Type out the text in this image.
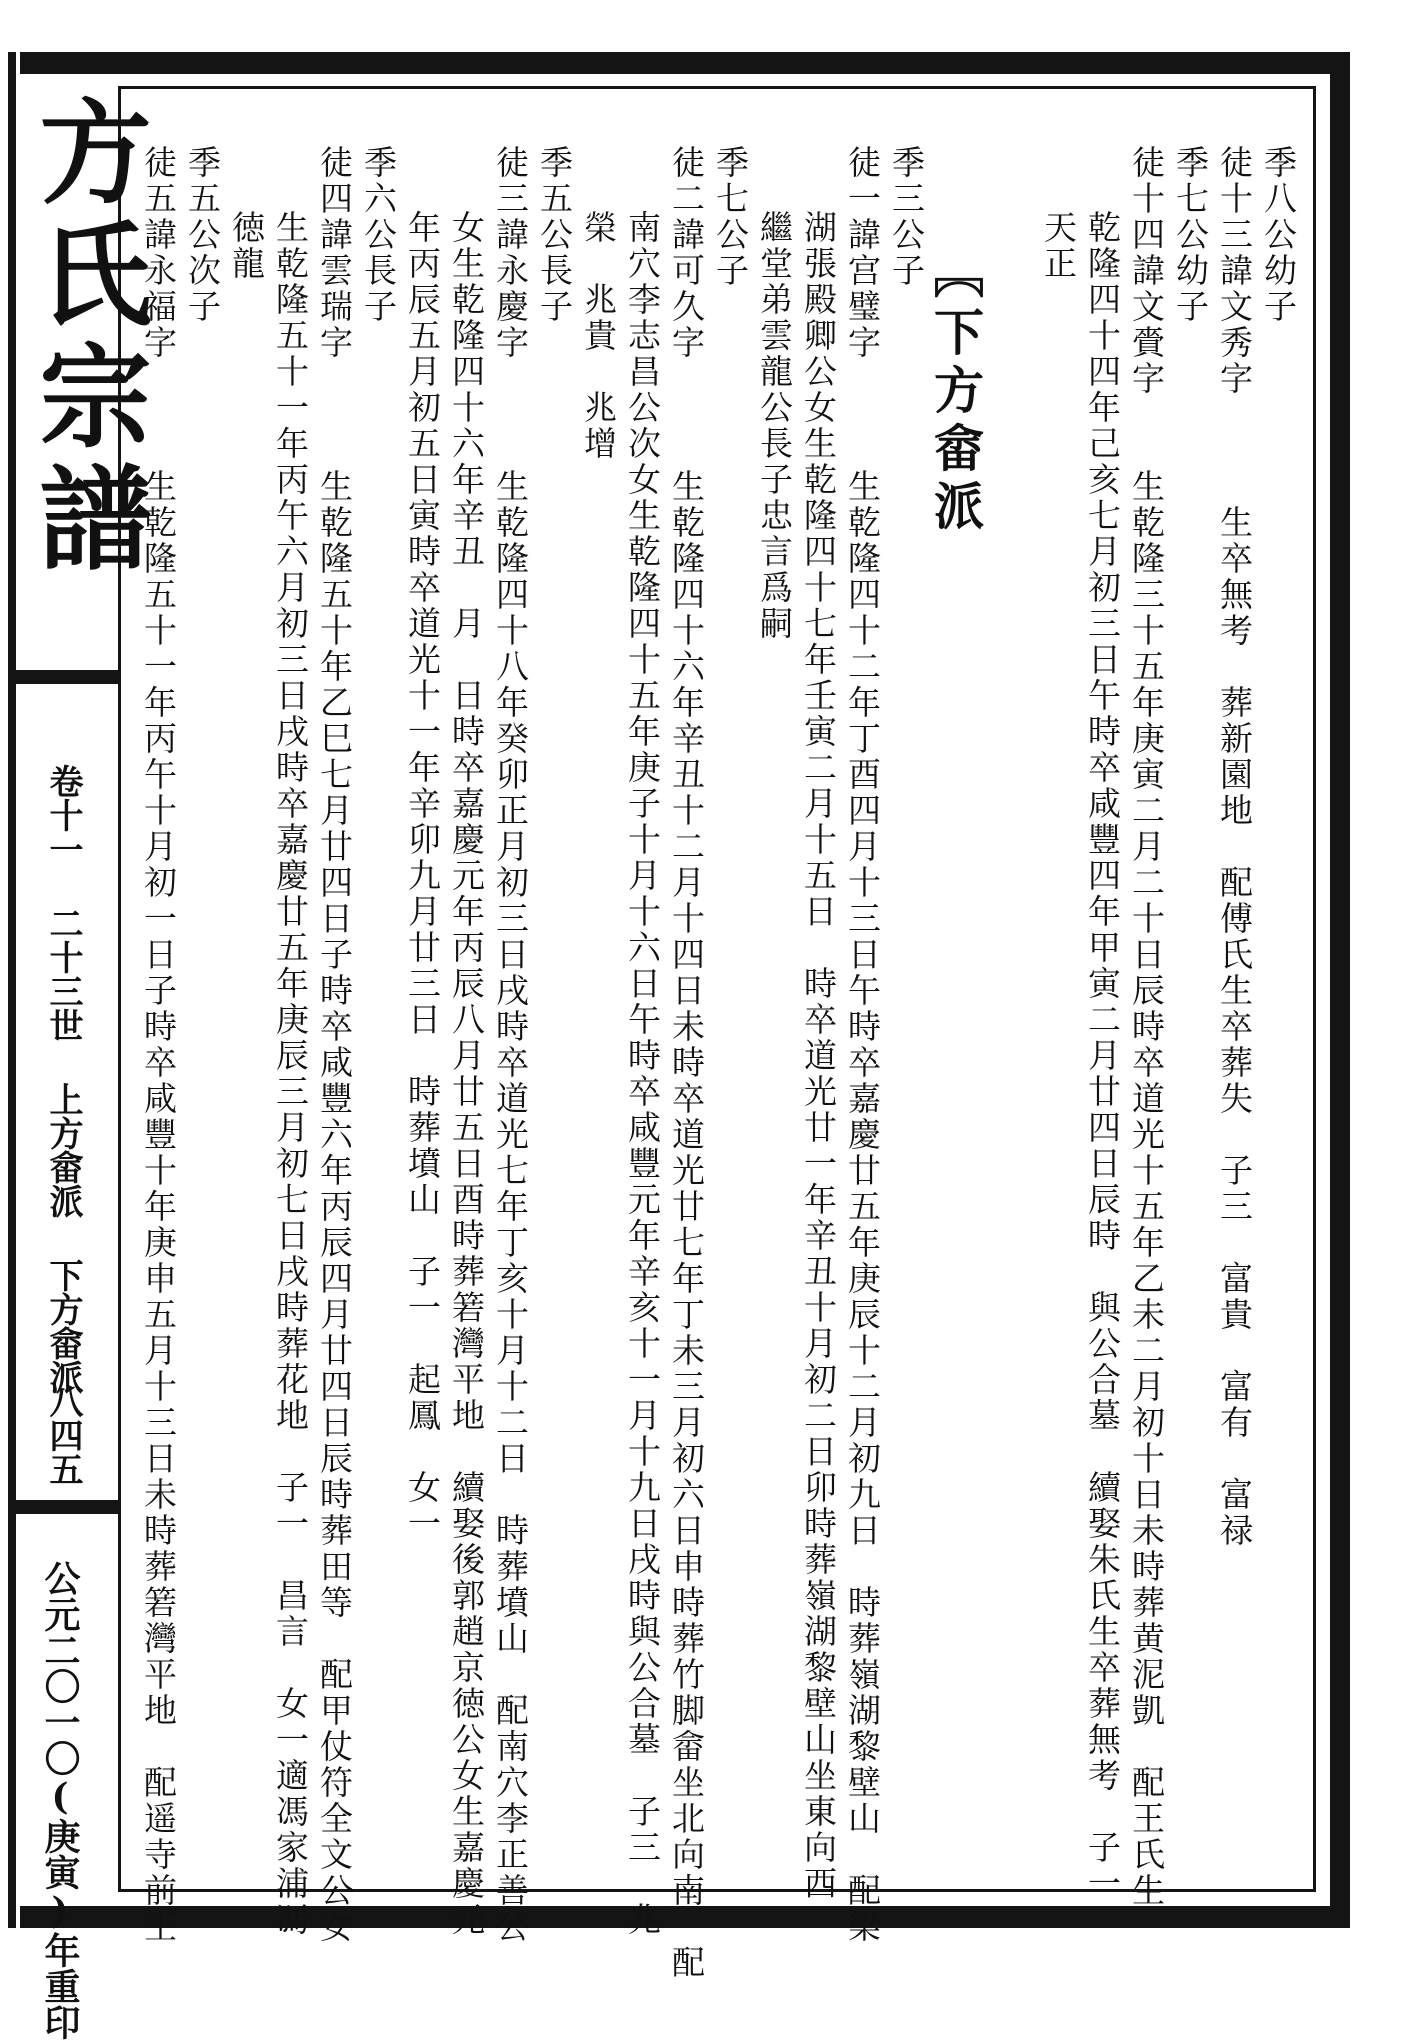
方氏宗譜
卷十一 二十三世 上方畲派 下方畲派
八四五
公元二〇一〇(庚寅)年重印
〖下方畲派
季八公幼子
徒十三諱文秀字　　　生卒無考　葬新園地　配傅氏生卒葬失　子三　富貴　富有　富禄
季七公幼子
徒十四諱文賫字　　生乾隆三十五年庚寅二月二十日辰時卒道光十五年乙未二月初十日未時葬黄泥凱　配王氏生
乾隆四十四年己亥七月初三日午時卒咸豐四年甲寅二月廿四日辰時　與公合墓　續娶朱氏生卒葬無考　子一
天正
季三公子
徒一諱宫璧字　　　生乾隆四十二年丁酉四月十三日午時卒嘉慶廿五年庚辰十二月初九日　時葬嶺湖黎壁山　配梁
湖張殿卿公女生乾隆四十七年壬寅二月十五日　時卒道光廿一年辛丑十月初二日卯時葬嶺湖黎壁山坐東向西
繼堂弟雲龍公長子忠言爲嗣
季七公子
徒二諱可久字　　　生乾隆四十六年辛丑十二月十四日未時卒道光廿七年丁未三月初六日申時葬竹脚畲坐北向南　配
南穴李志昌公次女生乾隆四十五年庚子十月十六日午時卒咸豐元年辛亥十一月十九日戌時與公合墓　子三　兆
榮　兆貴　兆增
季五公長子
徒三諱永慶字　　　生乾隆四十八年癸卯正月初三日戌時卒道光七年丁亥十月十二日　時葬墳山　配南穴李正善公
女生乾隆四十六年辛丑　月　日時卒嘉慶元年丙辰八月廿五日酉時葬箬灣平地　續娶後郭趙京徳公女生嘉慶元
年丙辰五月初五日寅時卒道光十一年辛卯九月廿三日　時葬墳山　子一　起鳳　女一
季六公長子
徒四諱雲瑞字　　　生乾隆五十年乙巳七月廿四日子時卒咸豐六年丙辰四月廿四日辰時葬田等　配甲仗符全文公女
生乾隆五十一年丙午六月初三日戌時卒嘉慶廿五年庚辰三月初七日戌時葬花地　子一　昌言　女一適馮家浦馮
徳龍
季五公次子
徒五諱永福字　　　生乾隆五十一年丙午十月初一日子時卒咸豐十年庚申五月十三日未時葬箬灣平地　配遥寺前王
